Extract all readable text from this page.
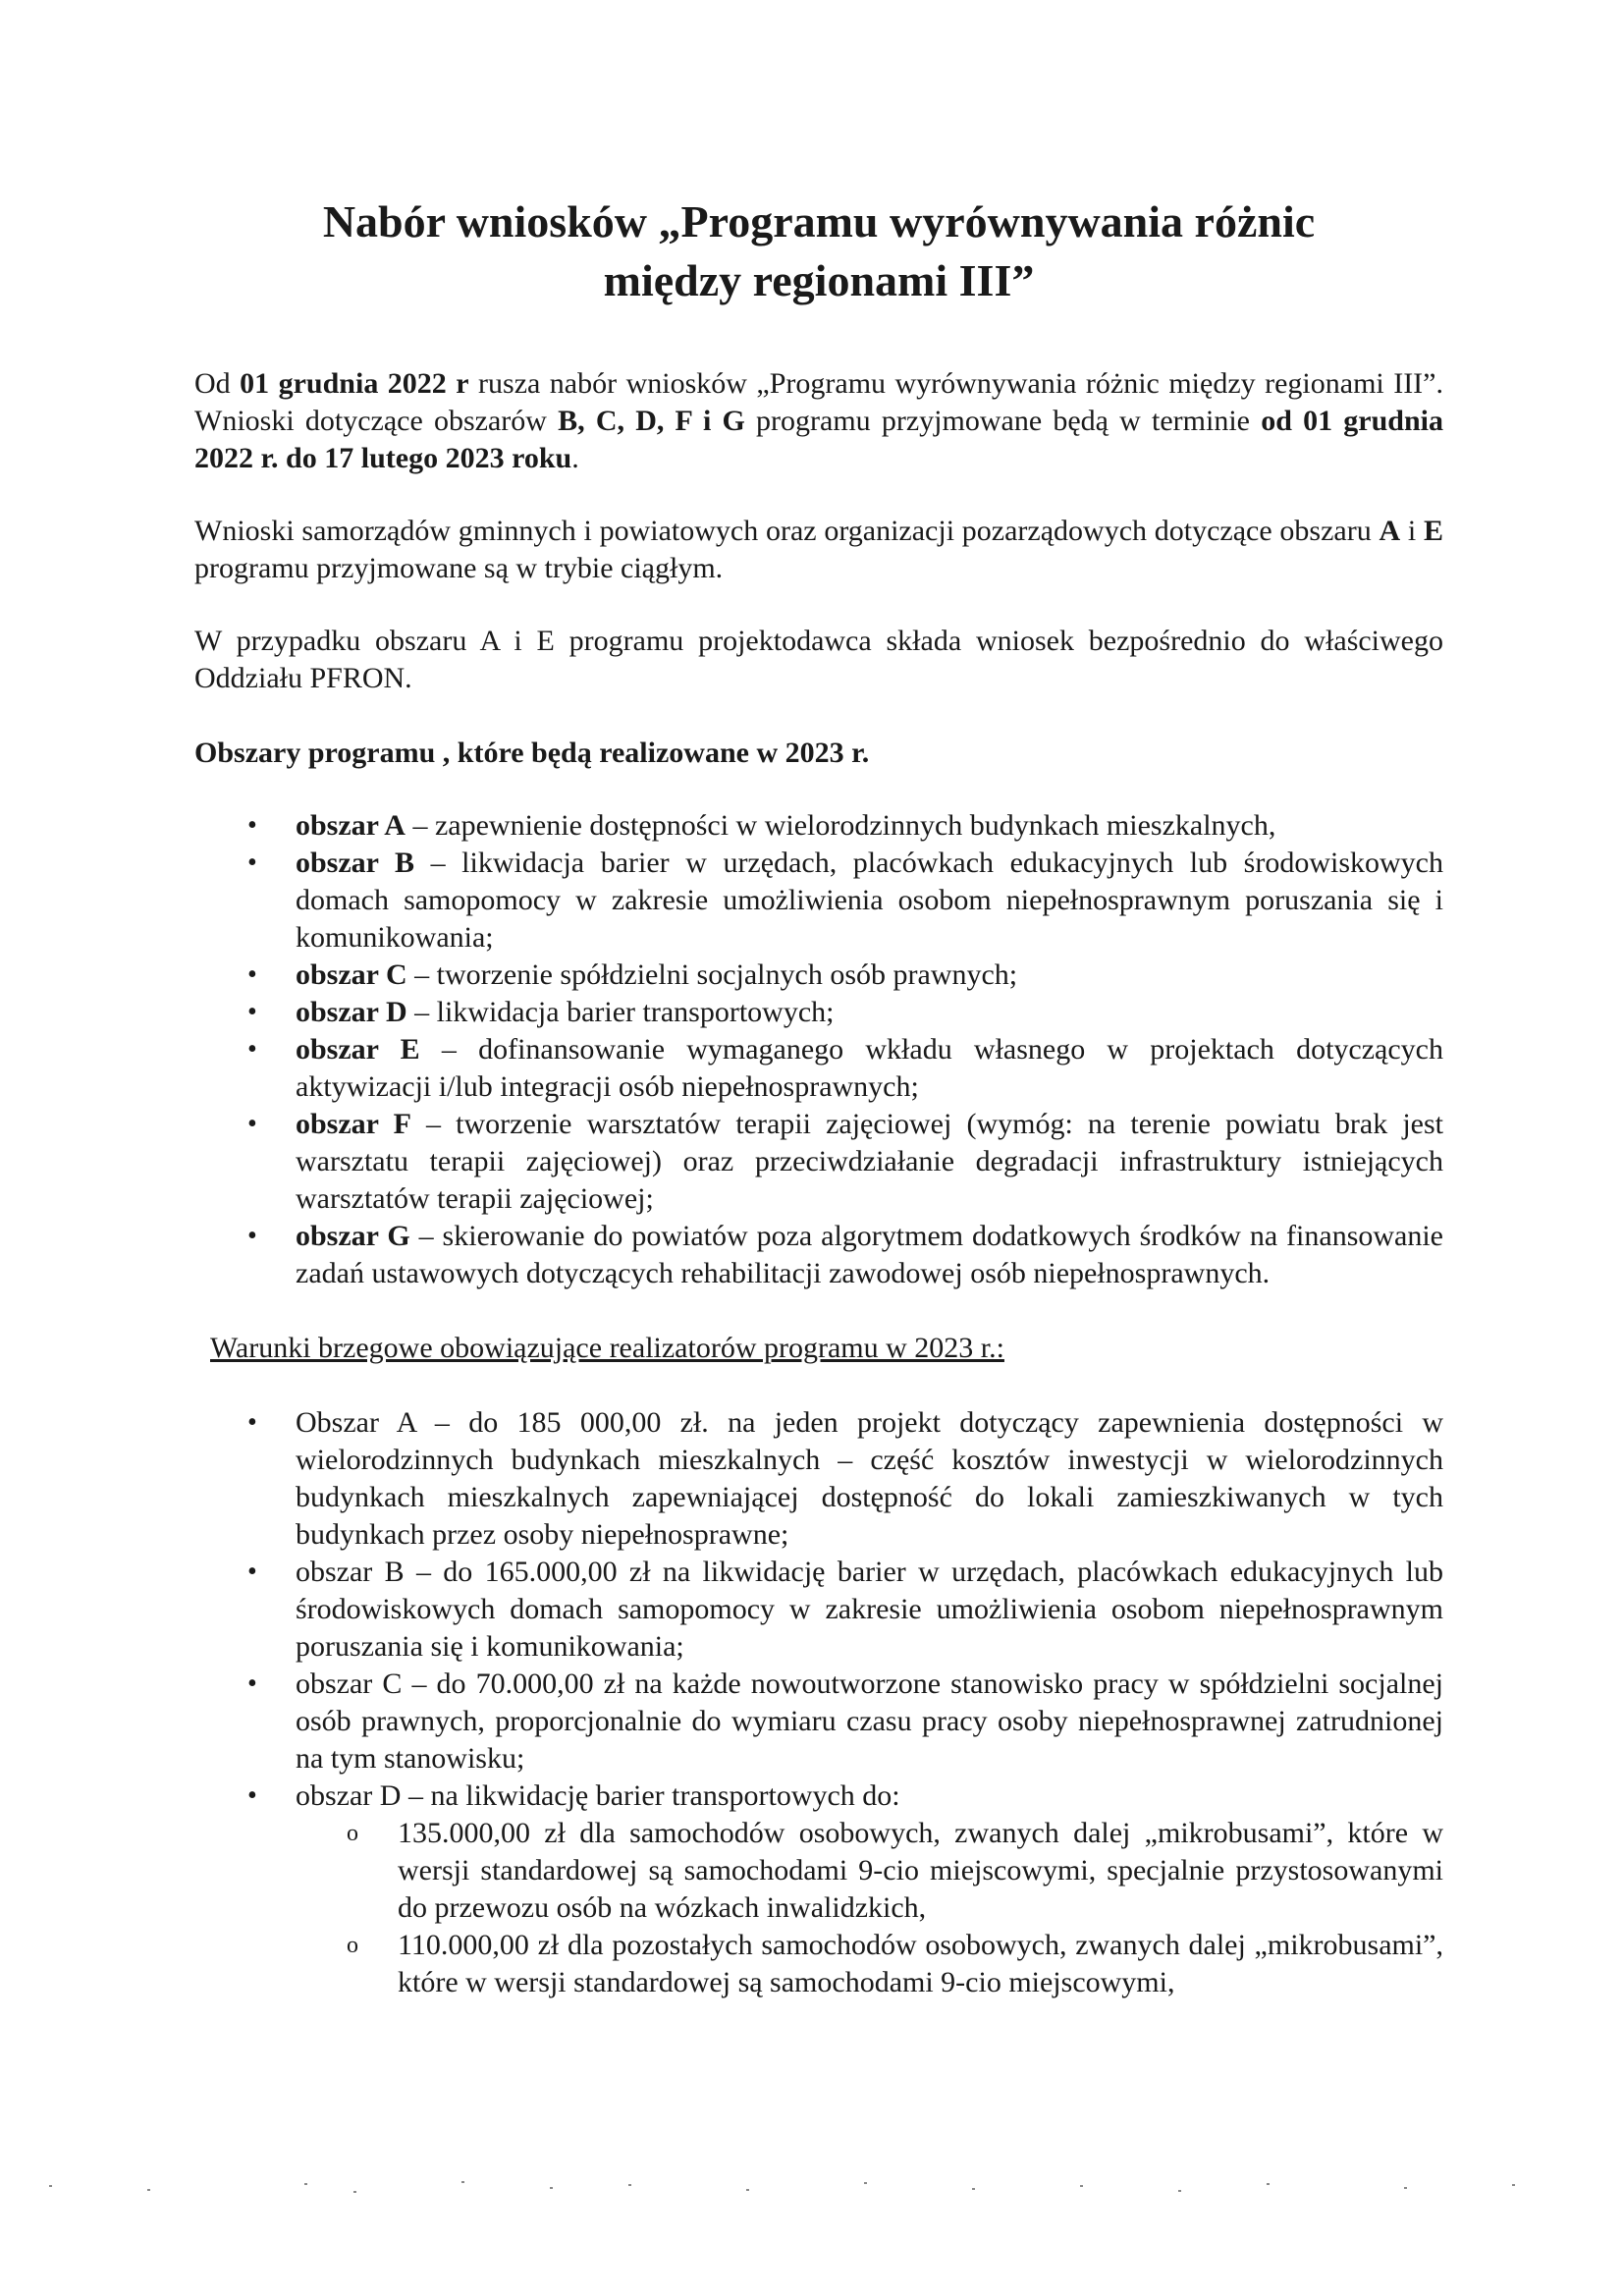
Nabór wniosków „Programu wyrównywania różnic
między regionami III”

Od 01 grudnia 2022 r rusza nabór wniosków „Programu wyrównywania różnic między regionami III”. Wnioski dotyczące obszarów B, C, D, F i G programu przyjmowane będą w terminie od 01 grudnia 2022 r. do 17 lutego 2023 roku.

Wnioski samorządów gminnych i powiatowych oraz organizacji pozarządowych dotyczące obszaru A i E programu przyjmowane są w trybie ciągłym.

W przypadku obszaru A i E programu projektodawca składa wniosek bezpośrednio do właściwego Oddziału PFRON.

Obszary programu , które będą realizowane w 2023 r.

• obszar A – zapewnienie dostępności w wielorodzinnych budynkach mieszkalnych,
• obszar B – likwidacja barier w urzędach, placówkach edukacyjnych lub środowiskowych domach samopomocy w zakresie umożliwienia osobom niepełnosprawnym poruszania się i komunikowania;
• obszar C – tworzenie spółdzielni socjalnych osób prawnych;
• obszar D – likwidacja barier transportowych;
• obszar E – dofinansowanie wymaganego wkładu własnego w projektach dotyczących aktywizacji i/lub integracji osób niepełnosprawnych;
• obszar F – tworzenie warsztatów terapii zajęciowej (wymóg: na terenie powiatu brak jest warsztatu terapii zajęciowej) oraz przeciwdziałanie degradacji infrastruktury istniejących warsztatów terapii zajęciowej;
• obszar G – skierowanie do powiatów poza algorytmem dodatkowych środków na finansowanie zadań ustawowych dotyczących rehabilitacji zawodowej osób niepełnosprawnych.

Warunki brzegowe obowiązujące realizatorów programu w 2023 r.:

• Obszar A – do 185 000,00 zł. na jeden projekt dotyczący zapewnienia dostępności w wielorodzinnych budynkach mieszkalnych – część kosztów inwestycji w wielorodzinnych budynkach mieszkalnych zapewniającej dostępność do lokali zamieszkiwanych w tych budynkach przez osoby niepełnosprawne;
• obszar B – do 165.000,00 zł na likwidację barier w urzędach, placówkach edukacyjnych lub środowiskowych domach samopomocy w zakresie umożliwienia osobom niepełnosprawnym poruszania się i komunikowania;
• obszar C – do 70.000,00 zł na każde nowoutworzone stanowisko pracy w spółdzielni socjalnej osób prawnych, proporcjonalnie do wymiaru czasu pracy osoby niepełnosprawnej zatrudnionej na tym stanowisku;
• obszar D – na likwidację barier transportowych do:
o 135.000,00 zł dla samochodów osobowych, zwanych dalej „mikrobusami”, które w wersji standardowej są samochodami 9-cio miejscowymi, specjalnie przystosowanymi do przewozu osób na wózkach inwalidzkich,
o 110.000,00 zł dla pozostałych samochodów osobowych, zwanych dalej „mikrobusami”, które w wersji standardowej są samochodami 9-cio miejscowymi,
